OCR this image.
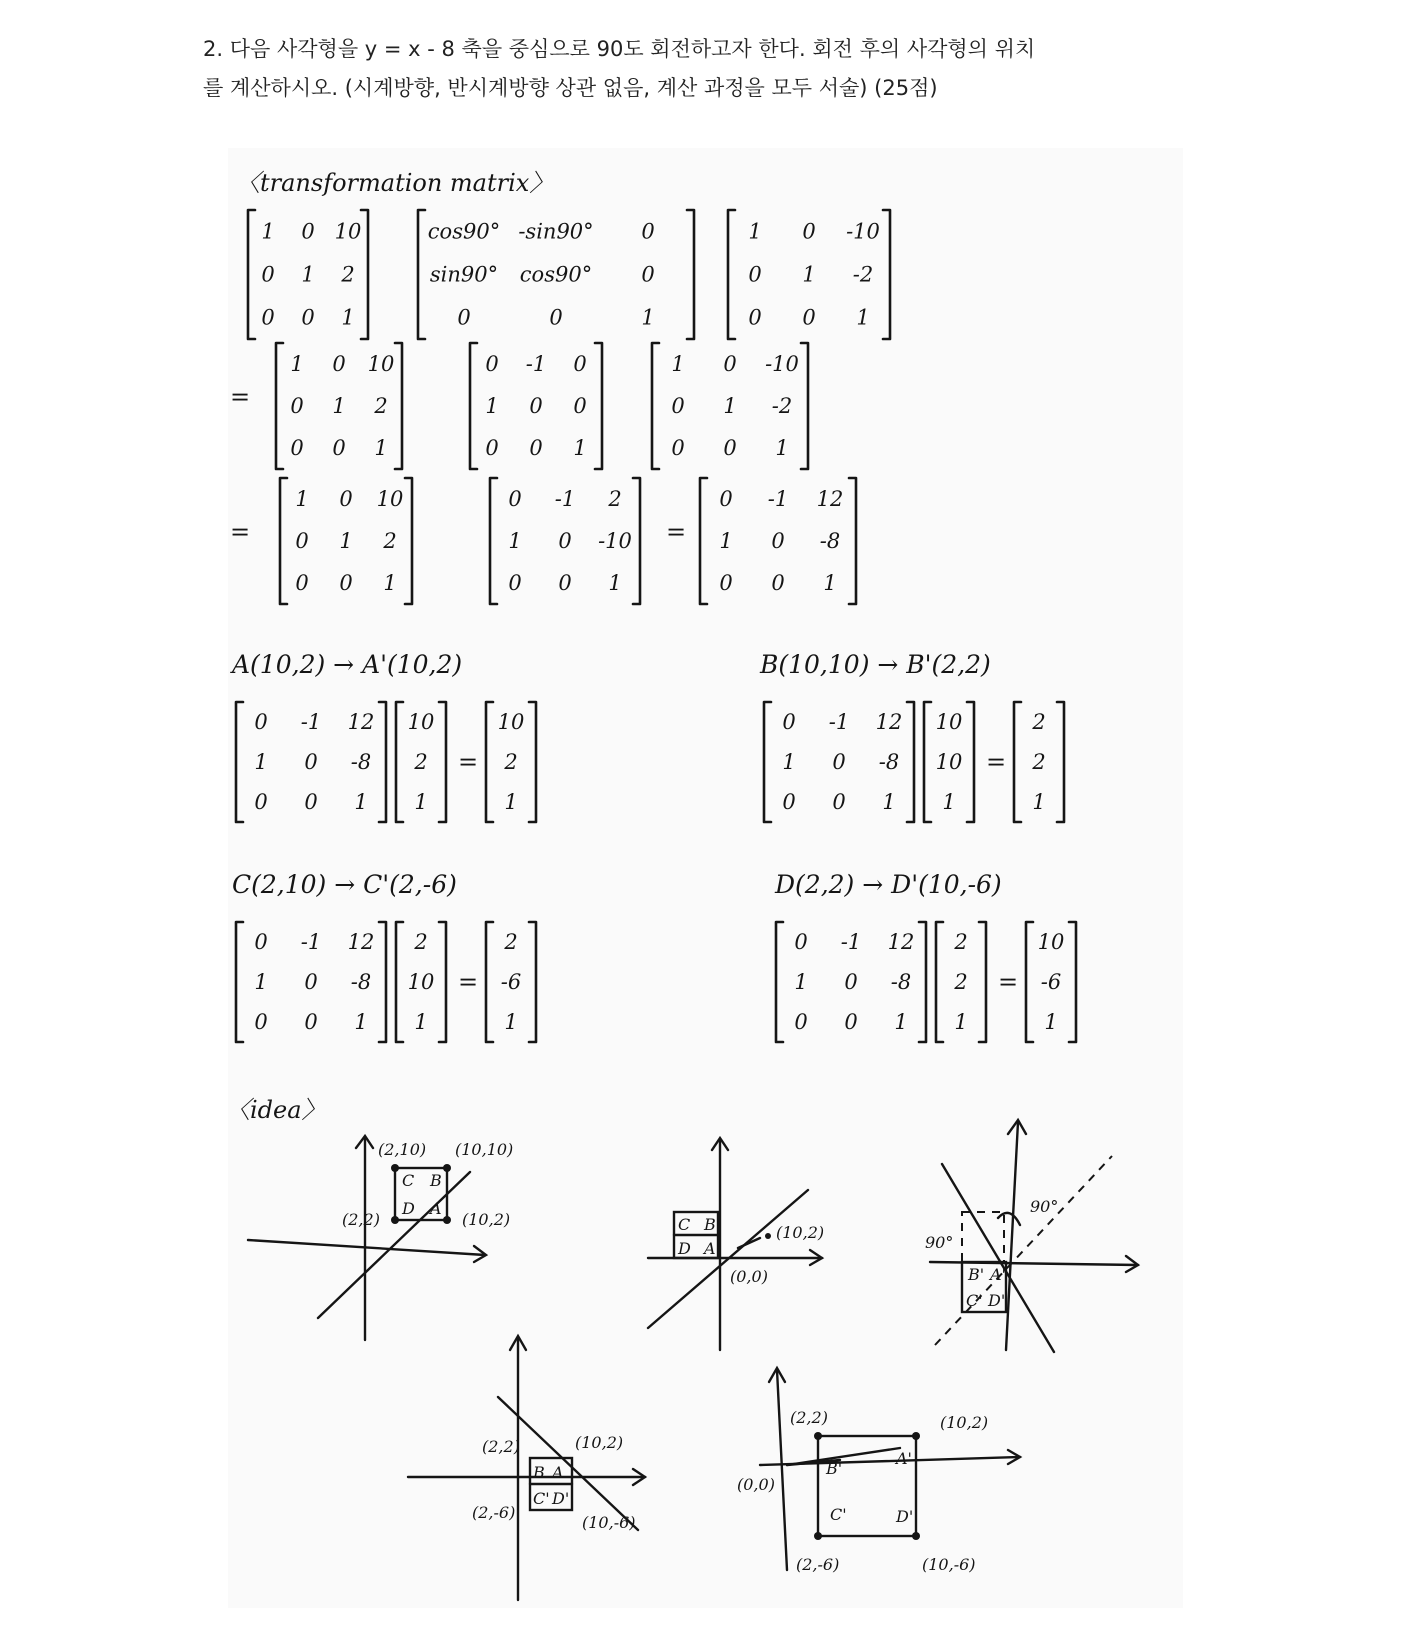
2. 다음 사각형을 y = x - 8 축을 중심으로 90도 회전하고자 한다. 회전 후의 사각형의 위치
를 계산하시오. (시계방향, 반시계방향 상관 없음, 계산 과정을 모두 서술) (25점)
〈transformation matrix〉
1 0 10
0 1 2
0 0 1
cos90° -sin90° 0
sin90° cos90° 0
0	0	1
1 0 -10
0 1 -2
0 0 1
=
1 0 10
0 1 2
0 0 1
0 -1 0
1 0 0
0 0 1
1 0 -10
0 1 -2
0 0 1
=
1 0 10
0 1 2
0 0 1
0 -1 2
1 0 -10
0 0 1
=
0 -1 12
1 0 -8
0 0 1
0 -1 12
1 0 -8
0 0 1
10
2
1
=
10
2
1
0 -1 12
1 0 -8
0 0 1
10
10
1
=
2
2
1
0 -1 12
1 0 -8
0 0 1
2
10
1
=
2
-6
1
0 -1 12
1 0 -8
0 0 1
2
2
1
=
10
-6
1
A(10,2) → A'(10,2)	B(10,10) → B'(2,2)
C(2,10) → C'(2,-6)	D(2,2) → D'(10,-6)
〈idea〉
(2,10) (10,10)
(2,2)	(10,2)
C B
D A
C B
D A
(10,2)
(0,0)	B' A'
C' D'
90°
90°
(2,2)	(10,2)
(2,-6)
(10,-6)
B A
C' D'
(2,2)	(10,2)
(0,0)
(2,-6)	(10,-6)
B'
A'
C'	D'
